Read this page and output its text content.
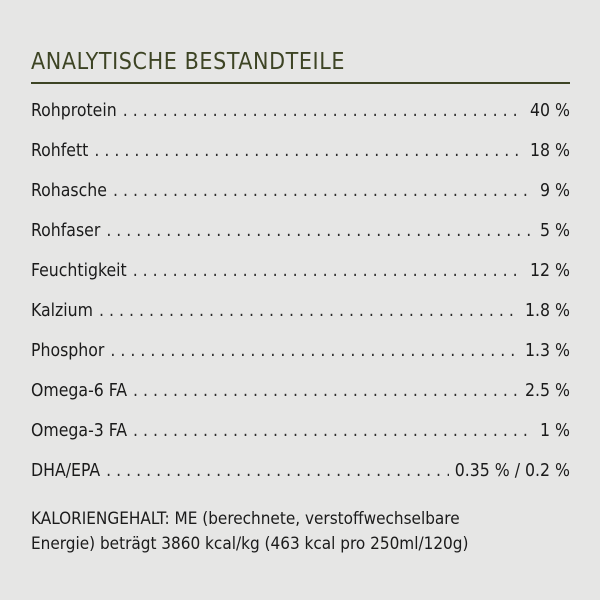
ANALYTISCHE BESTANDTEILE
Rohprotein . . .	40 %
Rohfett . . .	18 %
Rohasche . . .	9 %
Rohfaser . . .	5 %
Feuchtigkeit . . .	12 %
Kalzium . . .	1.8 %
Phosphor . . .	1.3 %
Omega-6 FA . . .	2.5 %
Omega-3 FA . . .	1 %
DHA/EPA . . .	0.35 % / 0.2 %
KALORIENGEHALT: ME (berechnete, verstoffwechselbare
Energie) beträgt 3860 kcal/kg (463 kcal pro 250ml/120g)
